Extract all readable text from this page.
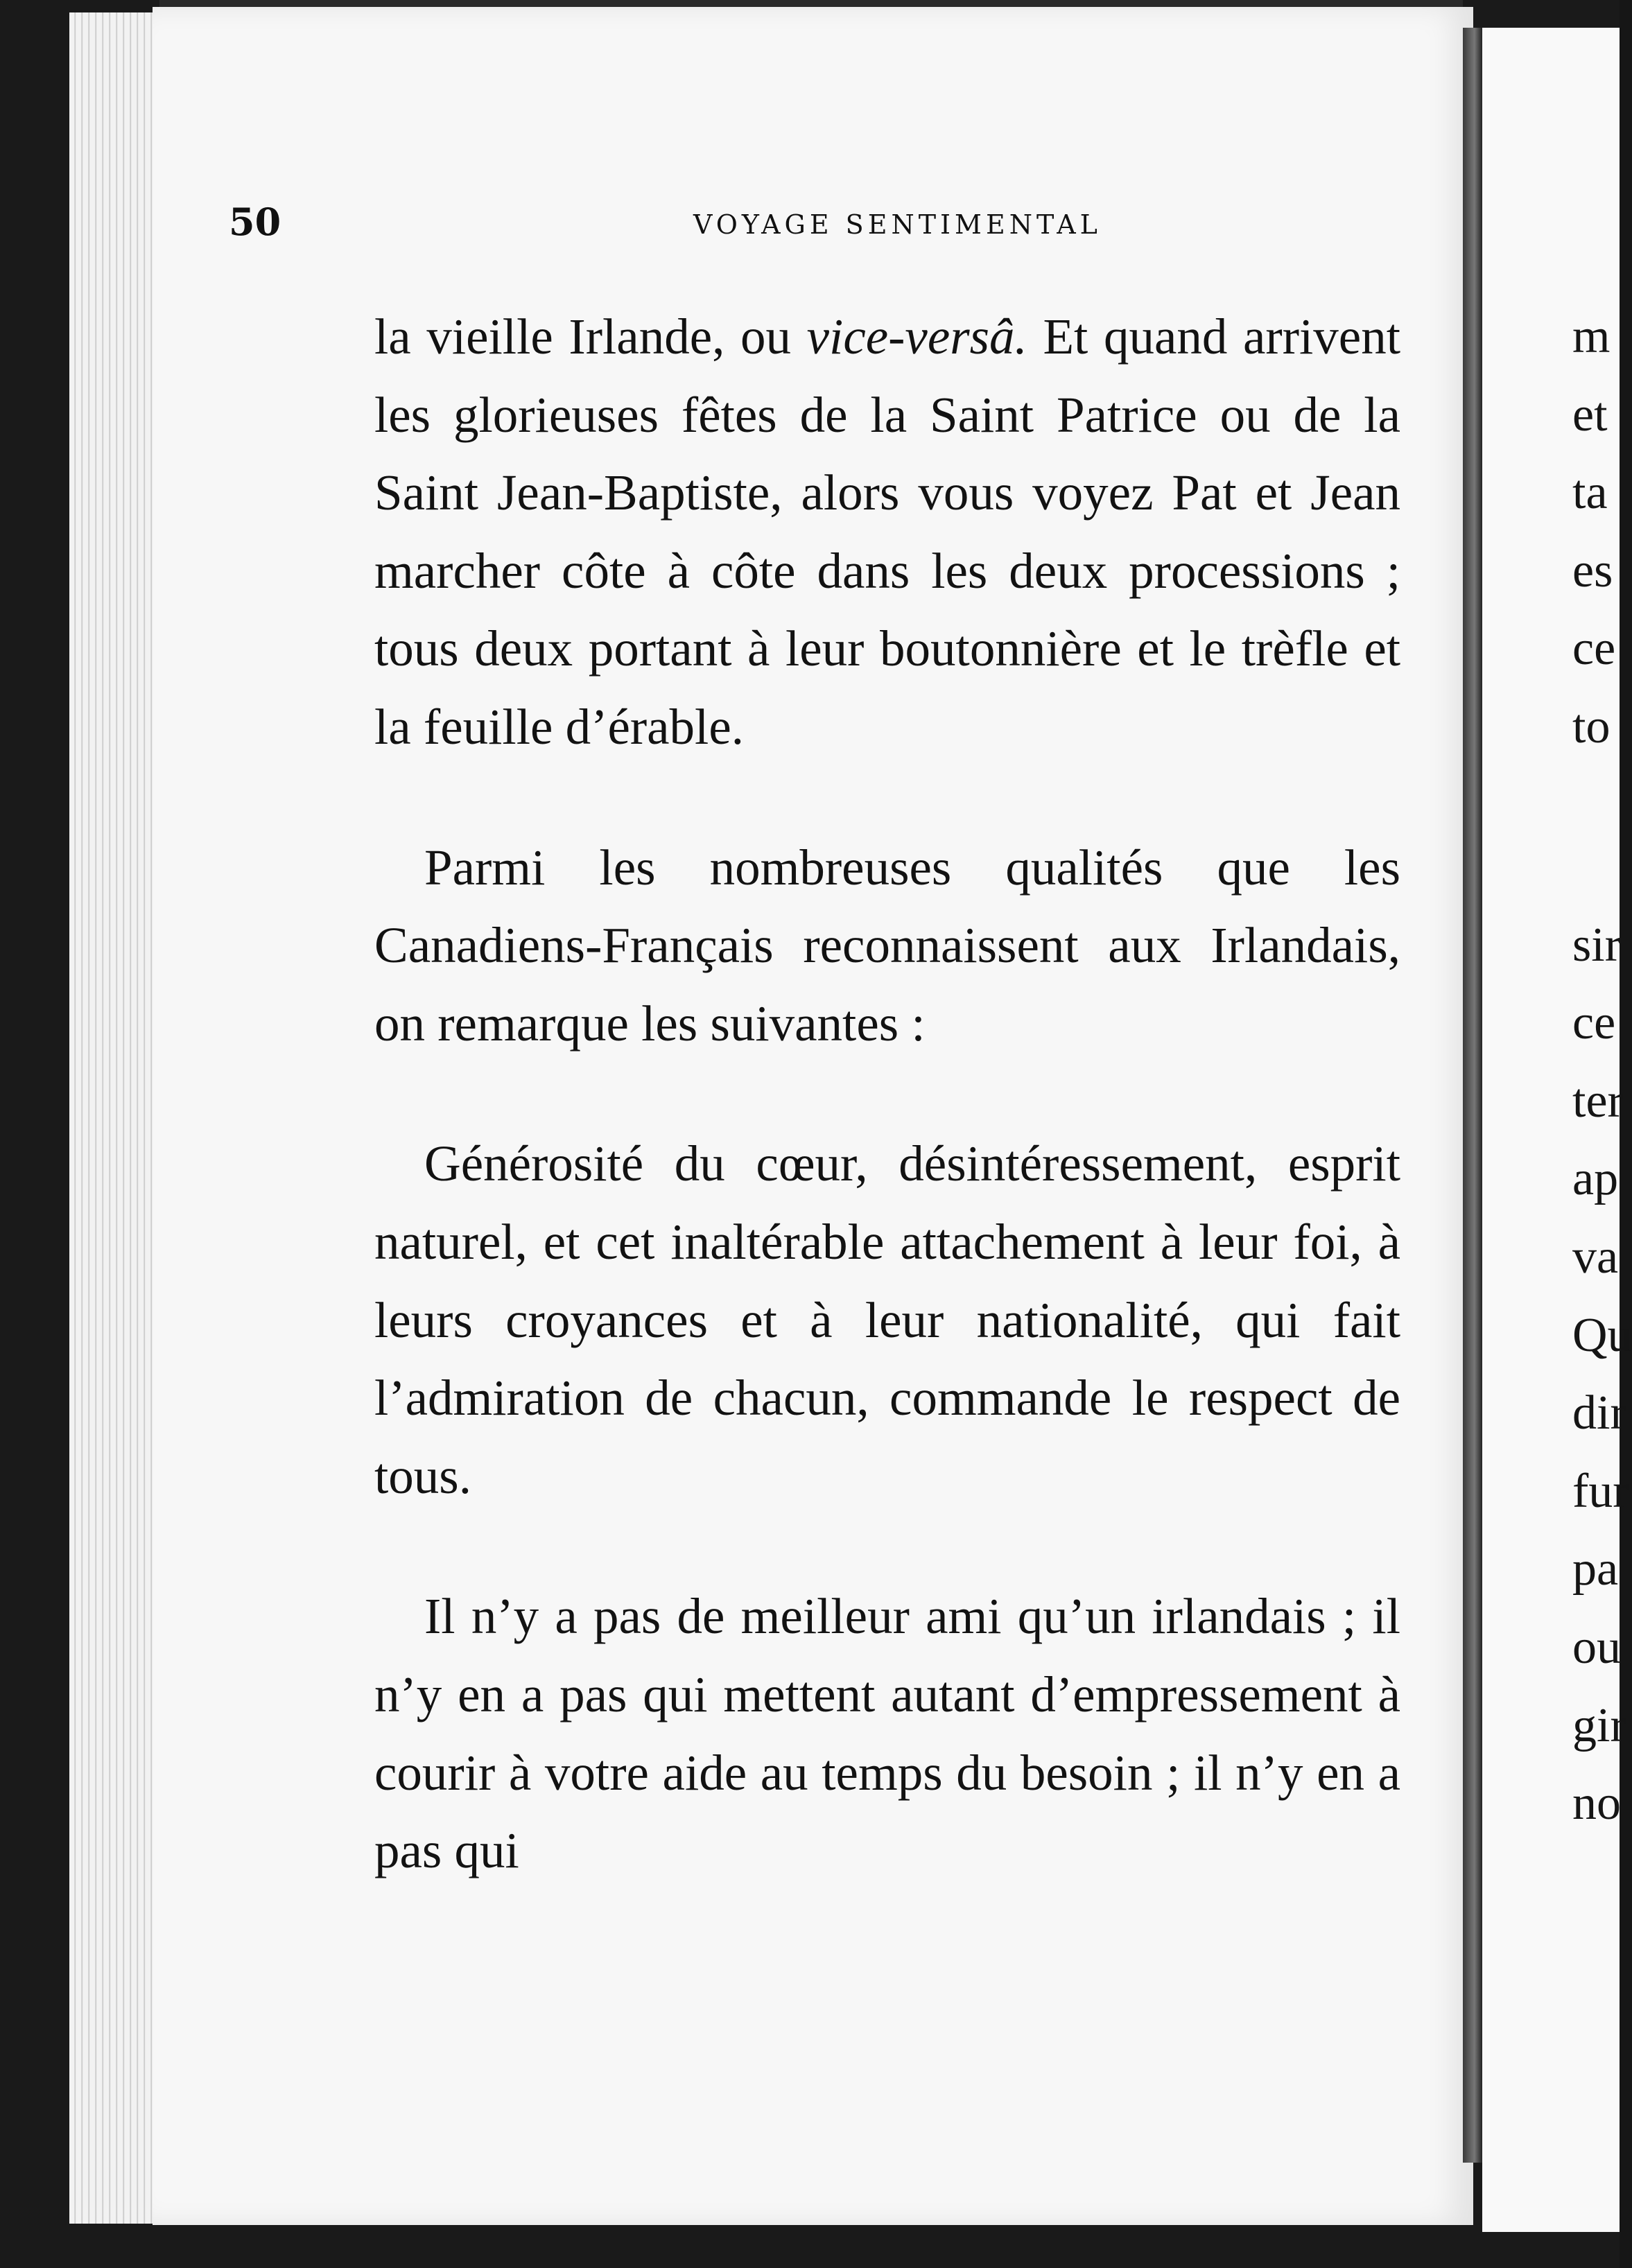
50	VOYAGE SENTIMENTAL

la vieille Irlande, ou vice-versâ. Et quand arrivent les glorieuses fêtes de la Saint Patrice ou de la Saint Jean-Baptiste, alors vous voyez Pat et Jean marcher côte à côte dans les deux processions ; tous deux portant à leur boutonnière et le trèfle et la feuille d’érable.

Parmi les nombreuses qualités que les Canadiens-Français reconnaissent aux Irlandais, on remarque les suivantes :

Générosité du cœur, désintéressement, esprit naturel, et cet inaltérable attachement à leur foi, à leurs croyances et à leur nationalité, qui fait l’admiration de chacun, commande le respect de tous.

Il n’y a pas de meilleur ami qu’un irlandais ; il n’y en a pas qui mettent autant d’empressement à courir à votre aide au temps du besoin ; il n’y en a pas qui

m
et
ta
es
ce
to
sir
ce
ter
ap
va
Qu
dir
fur
pa
ou
gir
no
